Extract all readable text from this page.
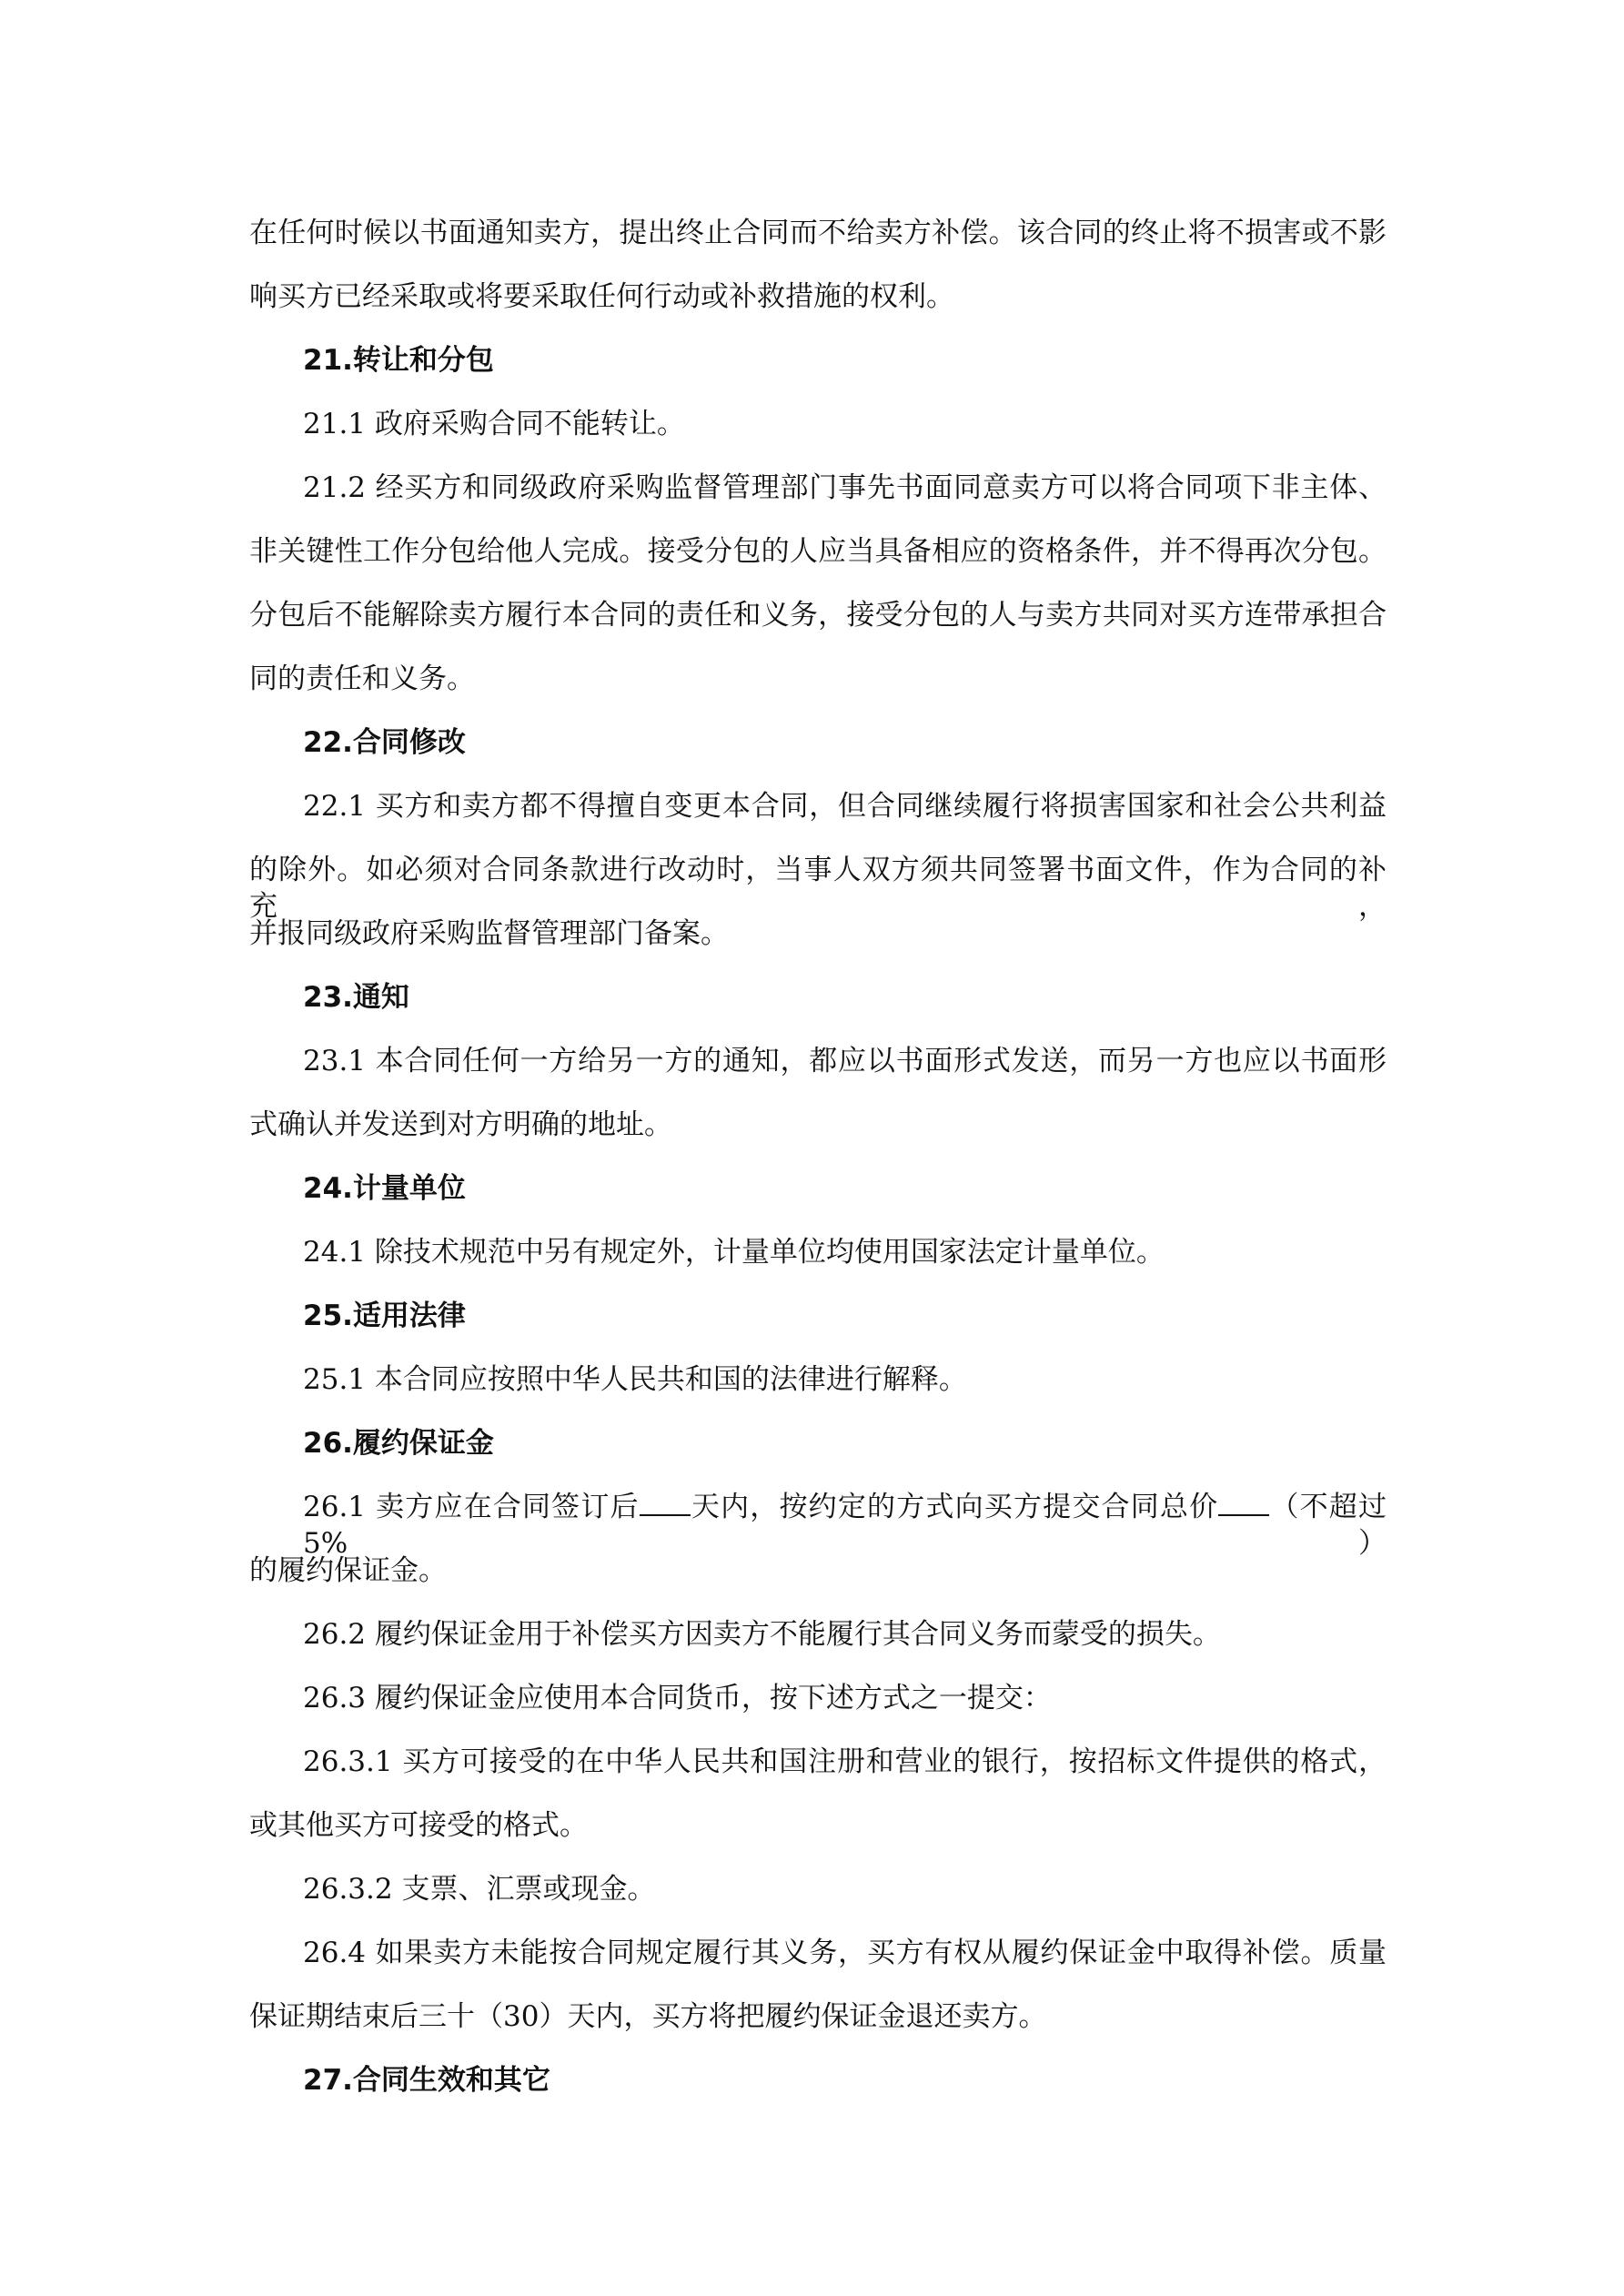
在任何时候以书面通知卖方，提出终止合同而不给卖方补偿。该合同的终止将不损害或不影
响买方已经采取或将要采取任何行动或补救措施的权利。
21.转让和分包
21.1 政府采购合同不能转让。
21.2 经买方和同级政府采购监督管理部门事先书面同意卖方可以将合同项下非主体、
非关键性工作分包给他人完成。接受分包的人应当具备相应的资格条件，并不得再次分包。
分包后不能解除卖方履行本合同的责任和义务，接受分包的人与卖方共同对买方连带承担合
同的责任和义务。
22.合同修改
22.1 买方和卖方都不得擅自变更本合同，但合同继续履行将损害国家和社会公共利益
的除外。如必须对合同条款进行改动时，当事人双方须共同签署书面文件，作为合同的补充，
并报同级政府采购监督管理部门备案。
23.通知
23.1 本合同任何一方给另一方的通知，都应以书面形式发送，而另一方也应以书面形
式确认并发送到对方明确的地址。
24.计量单位
24.1 除技术规范中另有规定外，计量单位均使用国家法定计量单位。
25.适用法律
25.1 本合同应按照中华人民共和国的法律进行解释。
26.履约保证金
26.1 卖方应在合同签订后 天内，按约定的方式向买方提交合同总价 （不超过 5%）
的履约保证金。
26.2 履约保证金用于补偿买方因卖方不能履行其合同义务而蒙受的损失。
26.3 履约保证金应使用本合同货币，按下述方式之一提交：
26.3.1 买方可接受的在中华人民共和国注册和营业的银行，按招标文件提供的格式，
或其他买方可接受的格式。
26.3.2 支票、汇票或现金。
26.4 如果卖方未能按合同规定履行其义务，买方有权从履约保证金中取得补偿。质量
保证期结束后三十（30）天内，买方将把履约保证金退还卖方。
27.合同生效和其它
